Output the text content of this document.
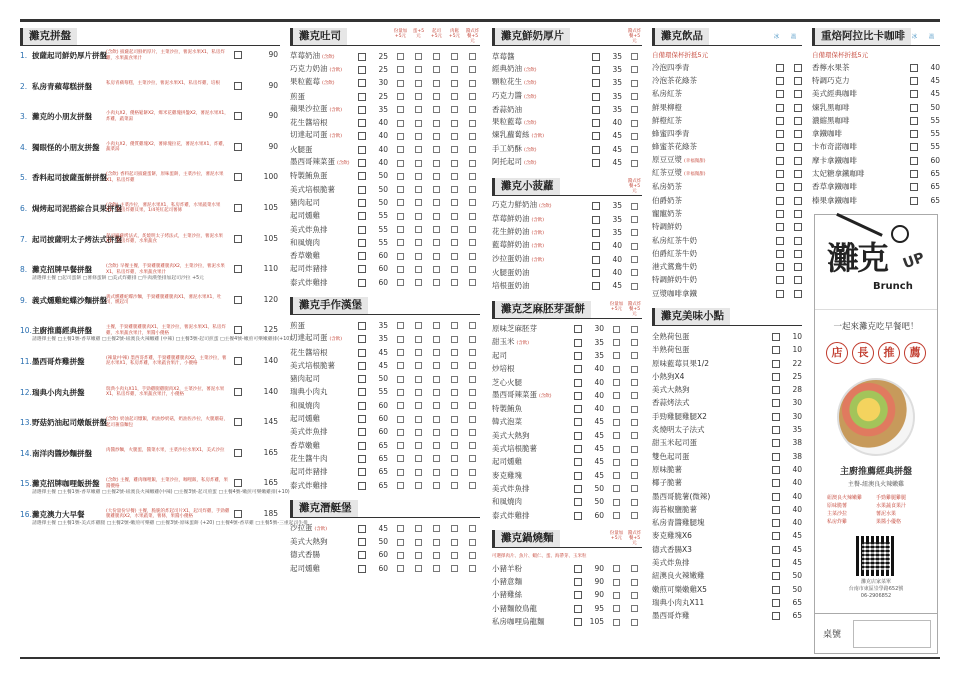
灘克拼盤
1. 披薩起司鮮奶厚片拼盤 (含飲) 披薩起司鮮奶厚片，主菜沙拉，薯泥水果X1，私房炸雞，水果蔬食果汁	90
2. 私房青蘋莓糕拼盤	私房青蘋莓糕，主菜沙拉，薯泥水果X1，私房炸雞，培根	90
3. 灘克的小朋友拼盤	小肉丸X2，優格鬆餅X2，爆米花雞塊拼盤X2，薯泥水果X1，炸雞，蔬菜湯	90
4. 獨眼怪的小朋友拼盤 小肉丸X2，優質雞塊X2，薯條塊拉花，薯泥水果X1，炸雞，蔬菜湯	90
5. 香料起司披薩蛋餅拼盤 (含飲) 香料起司披薩蛋餅，原味蛋餅，主菜沙拉，薯泥水果X1，私房炸雞	100
6. 焗烤起司泥搭綜合貝果拼盤
(含飲) 主菜沙拉，薯泥水果X1，私房炸雞，水果蔬菜水果X1，私房炸雞貝果，1/4英紅起司薯條	105
7. 起司披薩明太子烤法式拼盤
起司披薩烤法式，炙燒明太子烤法式，主菜沙拉，薯泥水果X1，私房炸雞，水果蔬食	105
8. 灘克招牌早餐拼盤	(含飲) 早餐主餐，手勁雞腿雞腿肉X2，主菜沙拉，薯泥水果X1，私房炸雞，水果蔬食果汁	110
請選擇主餐 □起司蛋餅 □薯條蛋餅 □美式炸雞排 □牛肉漢堡排加起司沙拉 +5元
9. 義式燻雞蛇蝶沙麵拼盤 義式燻雞蛇蝶沙麵，手勁雞腿雞腿肉X1，薯泥水果X1，吐司，燻起司	120
10.主廚推薦經典拼盤	主餐，手勁雞腿雞腿肉X1，主菜沙拉，薯泥水果X1，私房炸雞，水果蔬食果汁，果醬小優格	125
請選擇主餐 □主餐1號-香草嫩雞 □主餐2號-紐澳良火辣嫩雞 (中辣) □主餐3號-起司煎蛋 □主餐4號-嫩煎可樂嫩雞排(+10)
11.墨西哥炸雞拼盤	(辣量/中辣) 墨西哥炸雞，手勁雞腿雞腿肉X2，主菜沙拉，薯泥水果X1，私房炸雞，水果蔬食果汁，小優格	140
12.瑞典小肉丸拼盤	瑞典小肉丸X11，手勁雞腿雞腿肉X2，主菜沙拉，薯泥水果X1，私房炸雞，水果蔬食果汁，小優格	140
13.野菇奶油起司燉飯拼盤 (含飲) 奶油起司燉飯，奶油炒奶菇，奶油佐沙拉，火腿蘑菇，起司蕃茄麵包	145
14.南洋肉醬炒麵拼盤	肉醬炒麵，火腿蛋，醬菜水果，主菜沙拉水果X1，美式沙拉	165
15.灘克招牌咖哩飯拼盤 (含飲) 主餐，雞肉咖哩飯，主菜沙拉，咖哩飯，私房炸雞，果醬優格	165
請選擇主餐 □主餐1號-香草嫩雞 □主餐2號-紐澳良火辣嫩雞(中辣) □主餐3號-起司煎蛋 □主餐4號-嫩煎可樂嫩雞排(+10)
16.灘克澳力大早餐	(大份量份早餐) 主餐，脆脆的炸起司片X1，起司炸雞，手勁雞腿雞腿肉X2，水果蔬菜，薯條，果醬小優格	185
請選擇主餐 □主餐1號-美式炸雞腿 □主餐2號-嫩煎可樂雞 □主餐3號-原味蛋餅 (+20) □主餐4號-香草雞 □主餐5號-三重起司牛排
灘克吐司	份量加+5元
蛋+5元
起司+5元
肉鬆+5元
醬式炸餐+5元
草莓奶油 (含飲)	25
巧克力奶油 (含飲)	25
果粒藍莓 (含飲)	30
煎蛋	25
蘋果沙拉蛋 (含飲)	35
花生醬培根	40
切達起司蛋 (含飲)	40
火腿蛋	40
墨西哥辣菜蛋 (含飲)	40
特製鮪魚蛋	50
美式培根脆薯	50
豬肉起司	50
起司燻雞	55
美式炸魚排	55
和風燒肉	55
香草嫩雞	60
起司炸豬排	60
泰式炸雞排	60
灘克手作漢堡
煎蛋	35
切達起司蛋 (含飲)	35
花生醬培根	45
美式培根脆薯	45
豬肉起司	50
瑞典小肉丸	55
和風燒肉	60
起司燻雞	60
美式炸魚排	60
香草嫩雞	65
花生醬牛肉	65
起司炸豬排	65
泰式炸雞排	65
灘克潛艇堡
沙拉蛋 (含飲)	45
美式大熱狗	50
德式香腸	60
起司燻雞	60
灘克鮮奶厚片	醬式炸餐+5元
草莓醬	35
經典奶油 (含飲)	35
顆粒花生 (含飲)	35
巧克力醬 (含飲)	35
香蒜奶油	35
果粒藍莓 (含飲)	40
煉乳蘿蔔絲 (含飲)	45
手工奶酥 (含飲)	45
阿托起司 (含飲)	45
灘克小菠蘿	醬式炸餐+5元
巧克力鮮奶油 (含飲)	35
草莓鮮奶油 (含飲)	35
花生鮮奶油 (含飲)	35
藍莓鮮奶油 (含飲)	40
沙拉蛋奶油 (含飲)	40
火腿蛋奶油	40
培根蛋奶油	45
灘克芝麻胚芽蛋餅	份量加+5元
醬式炸餐+5元
原味芝麻胚芽	30
甜玉米 (含飲)	35
起司	35
炒培根	40
芝心火腿	40
墨西哥辣菜蛋 (含飲)	40
特製鮪魚	40
韓式泡菜	45
美式大熱狗	45
美式培根脆薯	45
起司燻雞	45
麥克雞塊	45
美式炸魚排	50
和風燒肉	50
泰式炸雞排	60
灘克鍋燒麵	份量加+5元
醬式炸餐+5元
可選擇肉片、魚片、蝦仁、蛋、海帶芽、玉米粒
小豬羊粉	90
小豬意麵	90
小豬雞絲	90
小豬麵餃鳥龍	95
私房咖哩烏龍麵	105
灘克飲品	冰 溫
自備環保杯折抵5元
冷泡四季青
冷泡茶花綠茶
私房紅茶
鮮果柳橙
鮮橙紅茶
蜂蜜四季青
蜂蜜茶花綠茶
原豆豆漿 (幸福微甜)
紅茶豆漿 (幸福微甜)
私房奶茶
伯爵奶茶
寵寵奶茶
特調鮮奶
私房紅茶牛奶
伯爵紅茶牛奶
港式鴛鴦牛奶
特調鮮奶牛奶
豆漿咖啡拿鐵
灘克美味小點
全熟荷包蛋	10
半熟荷包蛋	10
原味藍莓貝果1/2	22
小熱狗X4	25
美式大熱狗	28
香蒜烤法式	30
手勁雞腿雞腿X2	30
炙燒明太子法式	35
甜玉米起司蛋	38
雙色起司蛋	38
原味脆薯	40
椰子脆薯	40
墨西哥脆薯(微辣)	40
海苔椒鹽脆薯	40
私房青醬雞腿塊	40
麥克雞塊X6	45
德式香腸X3	45
美式炸魚排	45
紐澳良火辣嫩雞	50
嫩煎可樂嫩雞X5	50
瑞典小肉丸X11	65
墨西哥炸雞	65
重焙阿拉比卡咖啡	冰 溫
自備環保杯折抵5元
香檸水果茶	40
特調巧克力	45
美式經典咖啡	45
煉乳黑咖啡	50
濃縮黑咖啡	55
拿鐵咖啡	55
卡布奇諾咖啡	55
摩卡拿鐵咖啡	60
太妃糖拿鐵咖啡	65
香草拿鐵咖啡	65
榛果拿鐵咖啡	65
灘克 UP
Brunch
一起來灘克吃早餐吧！
店	長	推	薦
主廚推薦經典拼盤
主餐-紐澳良火辣嫩雞
紐澳良火辣嫩雞	手勁雞腿雞腿
原味脆薯	水果蔬食果汁
主菜沙拉	薯泥水果
私房炸雞	果醬小優格
灘克店家菜單
台南市東區崇學路652號
06-2906852
桌號
